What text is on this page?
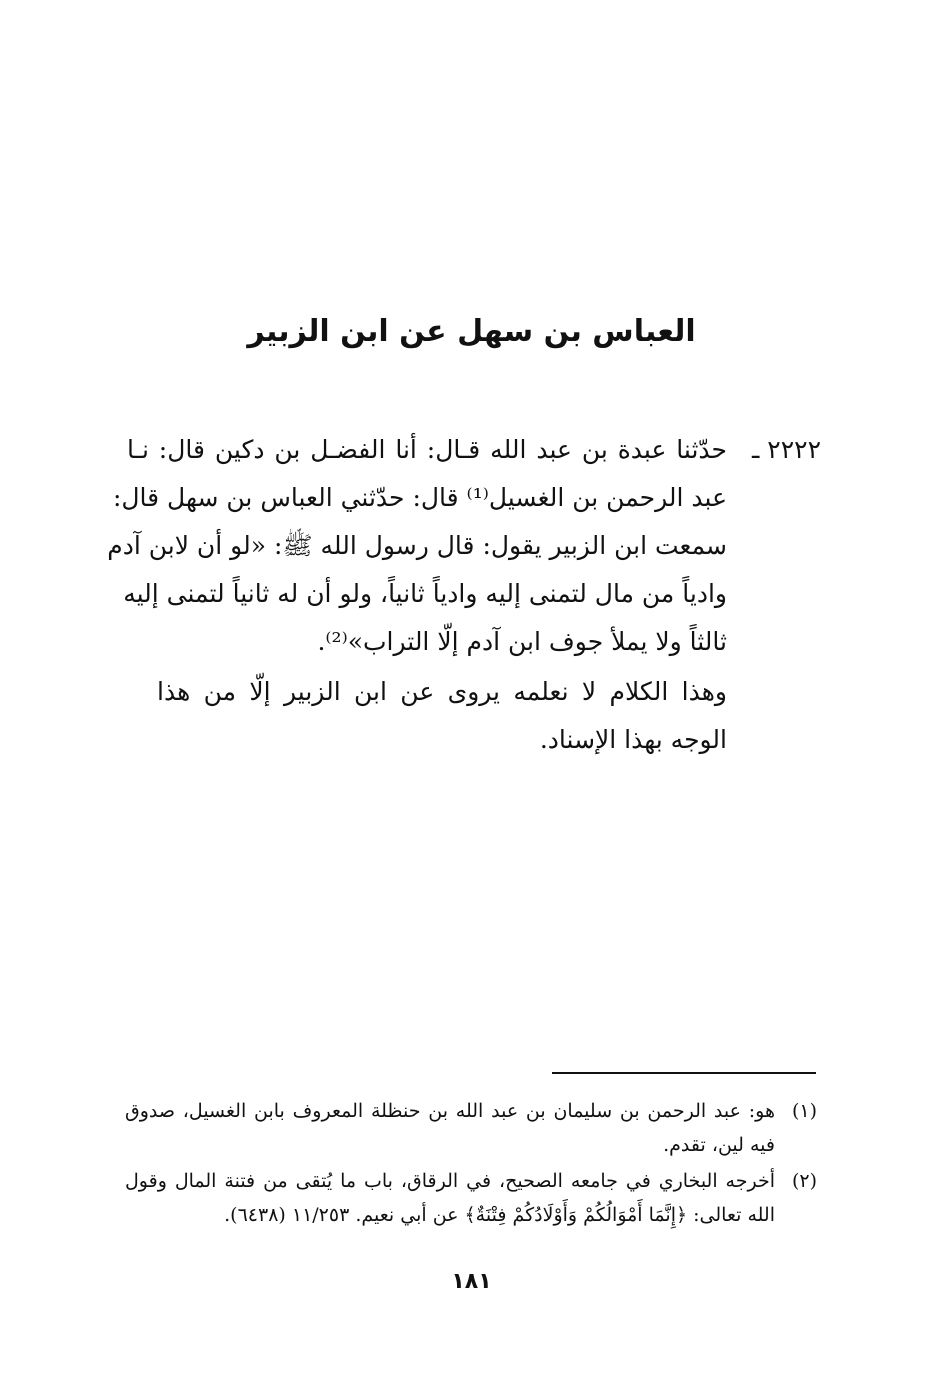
العباس بن سهل عن ابن الزبير
٢٢٢٢ ـ
حدّثنا عبدة بن عبد الله قـال: أنا الفضـل بن دكين قال: نـا
عبد الرحمن بن الغسيل⁽¹⁾ قال: حدّثني العباس بن سهل قال:
سمعت ابن الزبير يقول: قال رسول الله ﷺ: «لو أن لابن آدم
وادياً من مال لتمنى إليه وادياً ثانياً، ولو أن له ثانياً لتمنى إليه
ثالثاً ولا يملأ جوف ابن آدم إلّا التراب»⁽²⁾.
وهذا الكلام لا نعلمه يروى عن ابن الزبير إلّا من هذا
الوجه بهذا الإسناد.
(١)
هو: عبد الرحمن بن سليمان بن عبد الله بن حنظلة المعروف بابن الغسيل، صدوق
فيه لين، تقدم.
(٢)
أخرجه البخاري في جامعه الصحيح، في الرقاق، باب ما يُتقى من فتنة المال وقول
الله تعالى: ﴿إِنَّمَا أَمْوَالُكُمْ وَأَوْلَادُكُمْ فِتْنَةٌ﴾ عن أبي نعيم. ١١/٢٥٣ (٦٤٣٨).
١٨١
